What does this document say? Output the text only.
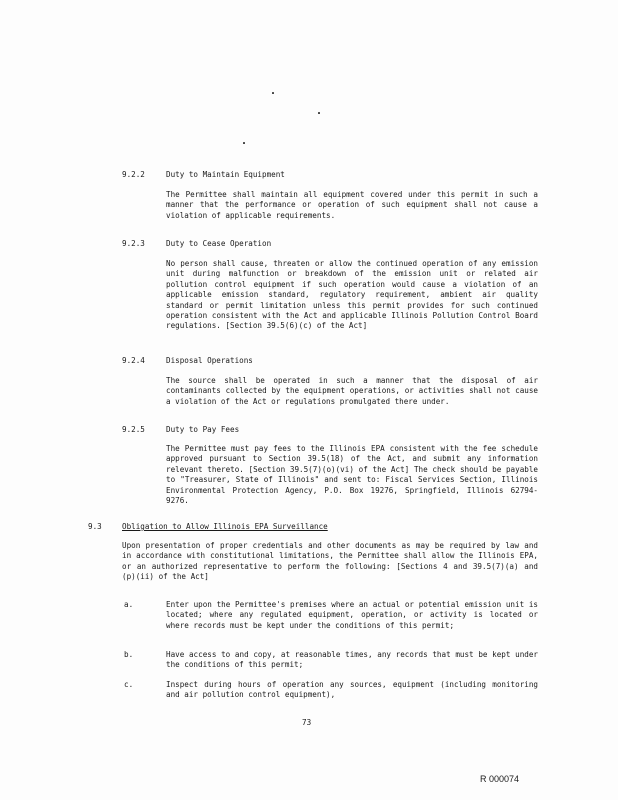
9.2.2	Duty to Maintain Equipment
The Permittee shall maintain all equipment covered under this permit in such a manner that the performance or operation of such equipment shall not cause a violation of applicable requirements.
9.2.3	Duty to Cease Operation
No person shall cause, threaten or allow the continued operation of any emission unit during malfunction or breakdown of the emission unit or related air pollution control equipment if such operation would cause a violation of an applicable emission standard, regulatory requirement, ambient air quality standard or permit limitation unless this permit provides for such continued operation consistent with the Act and applicable Illinois Pollution Control Board regulations. [Section 39.5(6)(c) of the Act]
9.2.4	Disposal Operations
The source shall be operated in such a manner that the disposal of air contaminants collected by the equipment operations, or activities shall not cause a violation of the Act or regulations promulgated there under.
9.2.5	Duty to Pay Fees
The Permittee must pay fees to the Illinois EPA consistent with the fee schedule approved pursuant to Section 39.5(18) of the Act, and submit any information relevant thereto. [Section 39.5(7)(o)(vi) of the Act] The check should be payable to "Treasurer, State of Illinois" and sent to: Fiscal Services Section, Illinois Environmental Protection Agency, P.O. Box 19276, Springfield, Illinois 62794-9276.
9.3	Obligation to Allow Illinois EPA Surveillance
Upon presentation of proper credentials and other documents as may be required by law and in accordance with constitutional limitations, the Permittee shall allow the Illinois EPA, or an authorized representative to perform the following: [Sections 4 and 39.5(7)(a) and (p)(ii) of the Act]
a.	Enter upon the Permittee's premises where an actual or potential emission unit is located; where any regulated equipment, operation, or activity is located or where records must be kept under the conditions of this permit;
b.	Have access to and copy, at reasonable times, any records that must be kept under the conditions of this permit;
c.	Inspect during hours of operation any sources, equipment (including monitoring and air pollution control equipment),
73
R 000074
